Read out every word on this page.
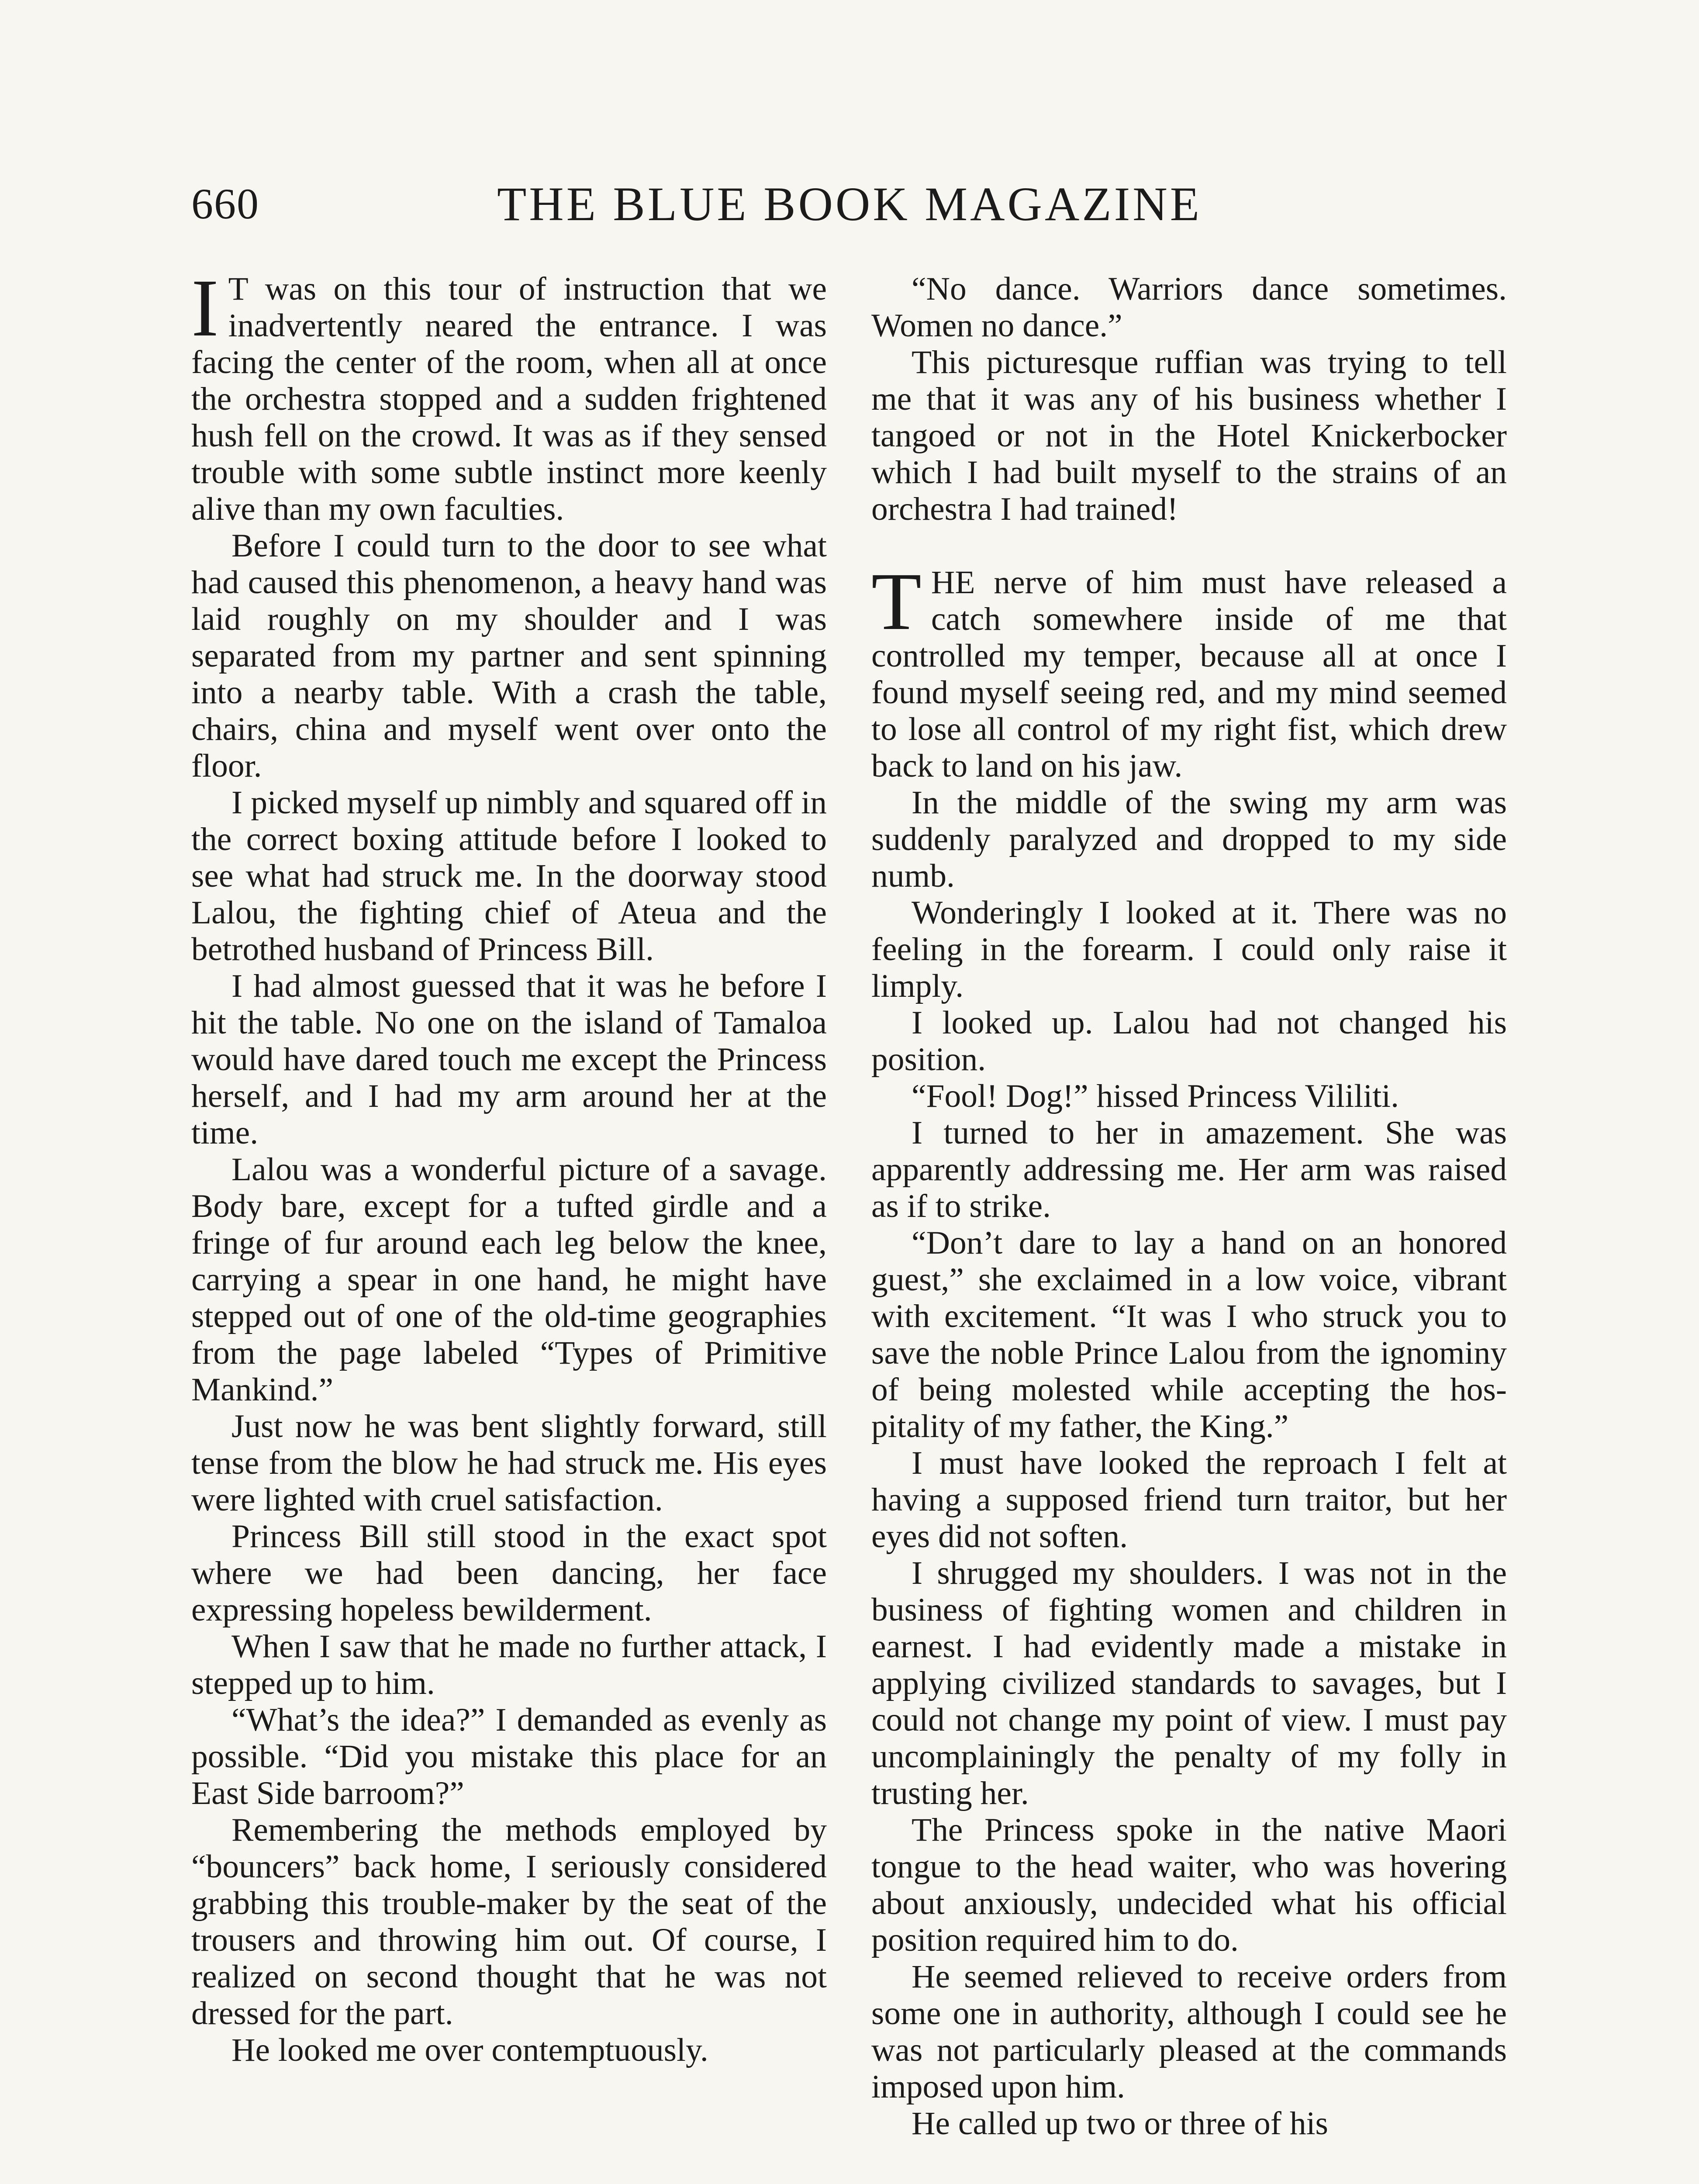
660	THE BLUE BOOK MAGAZINE

I T was on this tour of instruction that we inadvertently neared the entrance. I was facing the center of the room, when all at once the orchestra stopped and a sudden frightened hush fell on the crowd. It was as if they sensed trouble with some subtle instinct more keenly alive than my own faculties.

Before I could turn to the door to see what had caused this phenomenon, a heavy hand was laid roughly on my shoulder and I was separated from my partner and sent spinning into a nearby table. With a crash the table, chairs, china and myself went over onto the floor.

I picked myself up nimbly and squared off in the correct boxing attitude before I looked to see what had struck me. In the doorway stood Lalou, the fighting chief of Ateua and the betrothed husband of Princess Bill.

I had almost guessed that it was he before I hit the table. No one on the island of Tamaloa would have dared touch me except the Princess herself, and I had my arm around her at the time.

Lalou was a wonderful picture of a savage. Body bare, except for a tufted girdle and a fringe of fur around each leg below the knee, carrying a spear in one hand, he might have stepped out of one of the old-time geographies from the page labeled “Types of Primitive Mankind.”

Just now he was bent slightly forward, still tense from the blow he had struck me. His eyes were lighted with cruel satisfaction.

Princess Bill still stood in the exact spot where we had been dancing, her face expressing hopeless bewilderment.

When I saw that he made no further attack, I stepped up to him.

“What’s the idea?” I demanded as evenly as possible. “Did you mistake this place for an East Side barroom?”

Remembering the methods employed by “bouncers” back home, I seriously considered grabbing this trouble-maker by the seat of the trousers and throwing him out. Of course, I realized on second thought that he was not dressed for the part.

He looked me over contemptuously.

“No dance. Warriors dance sometimes. Women no dance.”

This picturesque ruffian was trying to tell me that it was any of his business whether I tangoed or not in the Hotel Knickerbocker which I had built myself to the strains of an orchestra I had trained!

THE nerve of him must have released a catch somewhere inside of me that controlled my temper, because all at once I found myself seeing red, and my mind seemed to lose all control of my right fist, which drew back to land on his jaw.

In the middle of the swing my arm was suddenly paralyzed and dropped to my side numb.

Wonderingly I looked at it. There was no feeling in the forearm. I could only raise it limply.

I looked up. Lalou had not changed his position.

“Fool! Dog!” hissed Princess Vililiti.

I turned to her in amazement. She was apparently addressing me. Her arm was raised as if to strike.

“Don’t dare to lay a hand on an honored guest,” she exclaimed in a low voice, vibrant with excitement. “It was I who struck you to save the noble Prince Lalou from the ignominy of being molested while accepting the hospitality of my father, the King.”

I must have looked the reproach I felt at having a supposed friend turn traitor, but her eyes did not soften.

I shrugged my shoulders. I was not in the business of fighting women and children in earnest. I had evidently made a mistake in applying civilized standards to savages, but I could not change my point of view. I must pay uncomplainingly the penalty of my folly in trusting her.

The Princess spoke in the native Maori tongue to the head waiter, who was hovering about anxiously, undecided what his official position required him to do.

He seemed relieved to receive orders from some one in authority, although I could see he was not particularly pleased at the commands imposed upon him.

He called up two or three of his
